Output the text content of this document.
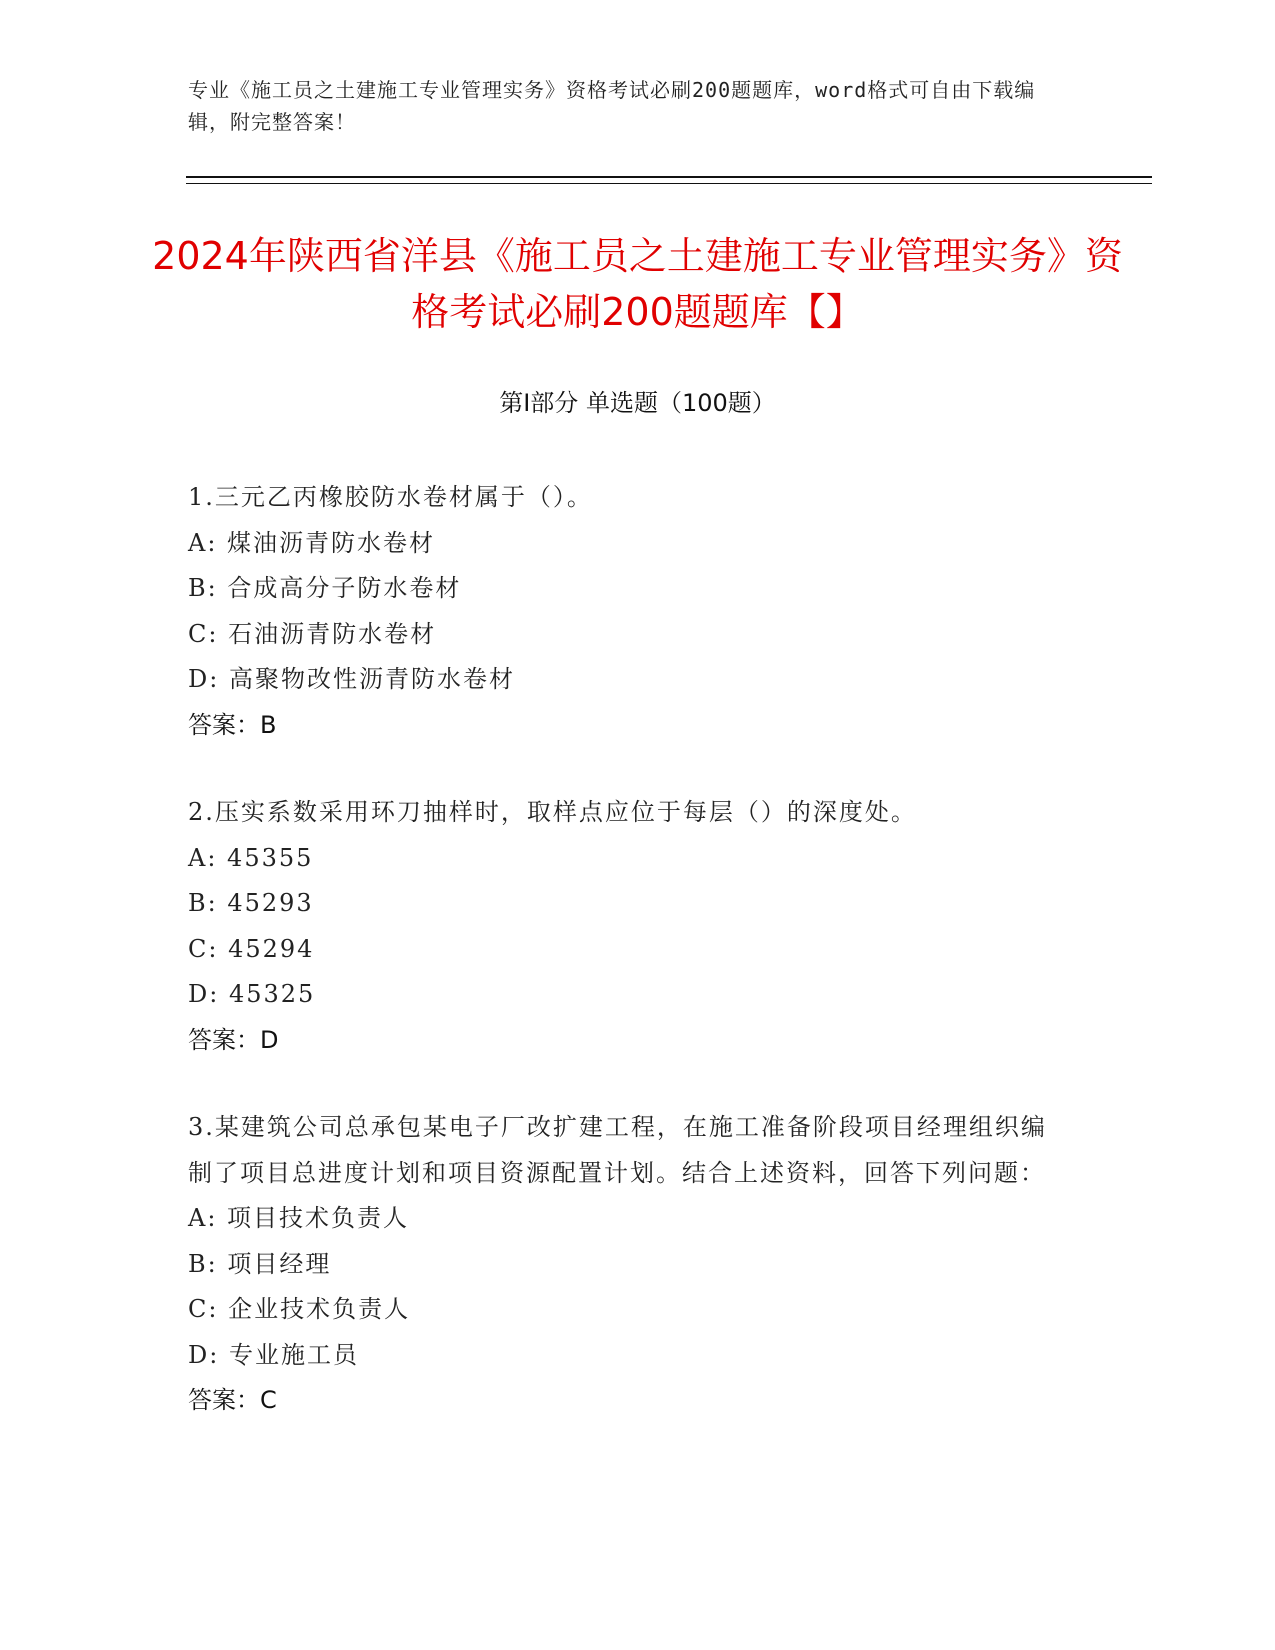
专业《施工员之土建施工专业管理实务》资格考试必刷200题题库，word格式可自由下载编辑，附完整答案！
2024年陕西省洋县《施工员之土建施工专业管理实务》资格考试必刷200题题库【】
第Ⅰ部分 单选题（100题）
1.三元乙丙橡胶防水卷材属于（）。
A: 煤油沥青防水卷材
B: 合成高分子防水卷材
C: 石油沥青防水卷材
D: 高聚物改性沥青防水卷材
答案：B
2.压实系数采用环刀抽样时，取样点应位于每层（）的深度处。
A: 45355
B: 45293
C: 45294
D: 45325
答案：D
3.某建筑公司总承包某电子厂改扩建工程，在施工准备阶段项目经理组织编制了项目总进度计划和项目资源配置计划。结合上述资料，回答下列问题：
A: 项目技术负责人
B: 项目经理
C: 企业技术负责人
D: 专业施工员
答案：C
